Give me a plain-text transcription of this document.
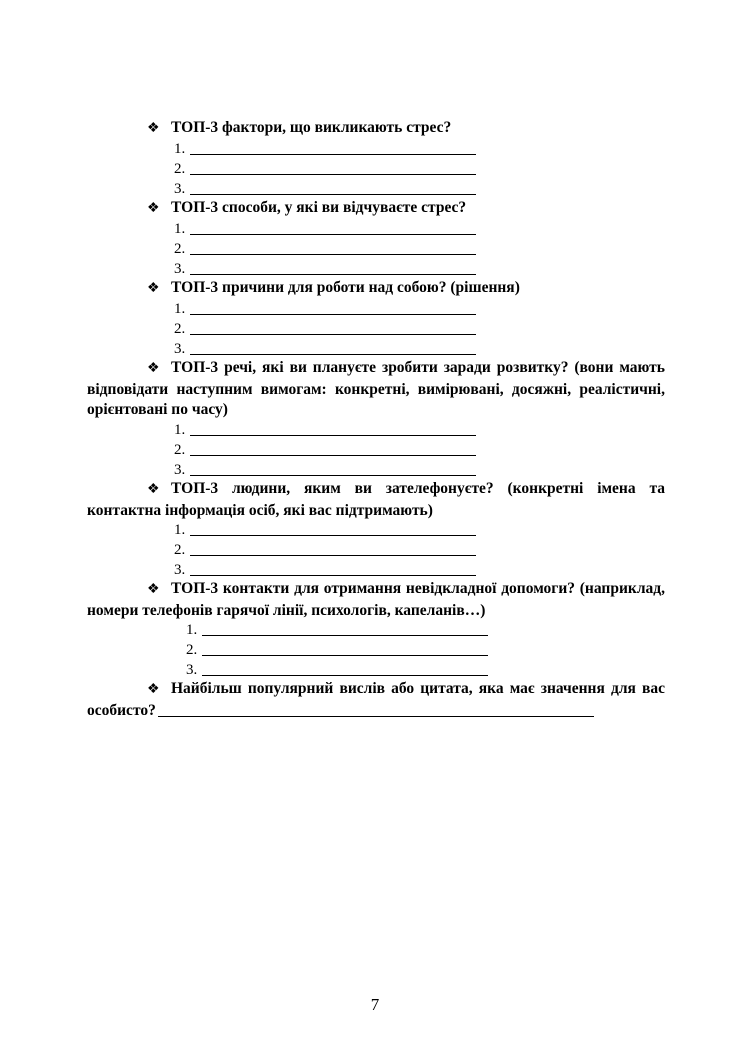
❖ ТОП-3 фактори, що викликають стрес?
1.
2.
3.
❖ ТОП-3 способи, у які ви відчуваєте стрес?
1.
2.
3.
❖ ТОП-3 причини для роботи над собою? (рішення)
1.
2.
3.
❖ ТОП-3 речі, які ви плануєте зробити заради розвитку? (вони мають відповідати наступним вимогам: конкретні, вимірювані, досяжні, реалістичні, орієнтовані по часу)
1.
2.
3.
❖ ТОП-3 людини, яким ви зателефонуєте? (конкретні імена та контактна інформація осіб, які вас підтримають)
1.
2.
3.
❖ ТОП-3 контакти для отримання невідкладної допомоги? (наприклад, номери телефонів гарячої лінії, психологів, капеланів…)
1.
2.
3.
❖ Найбільш популярний вислів або цитата, яка має значення для вас особисто?
7
